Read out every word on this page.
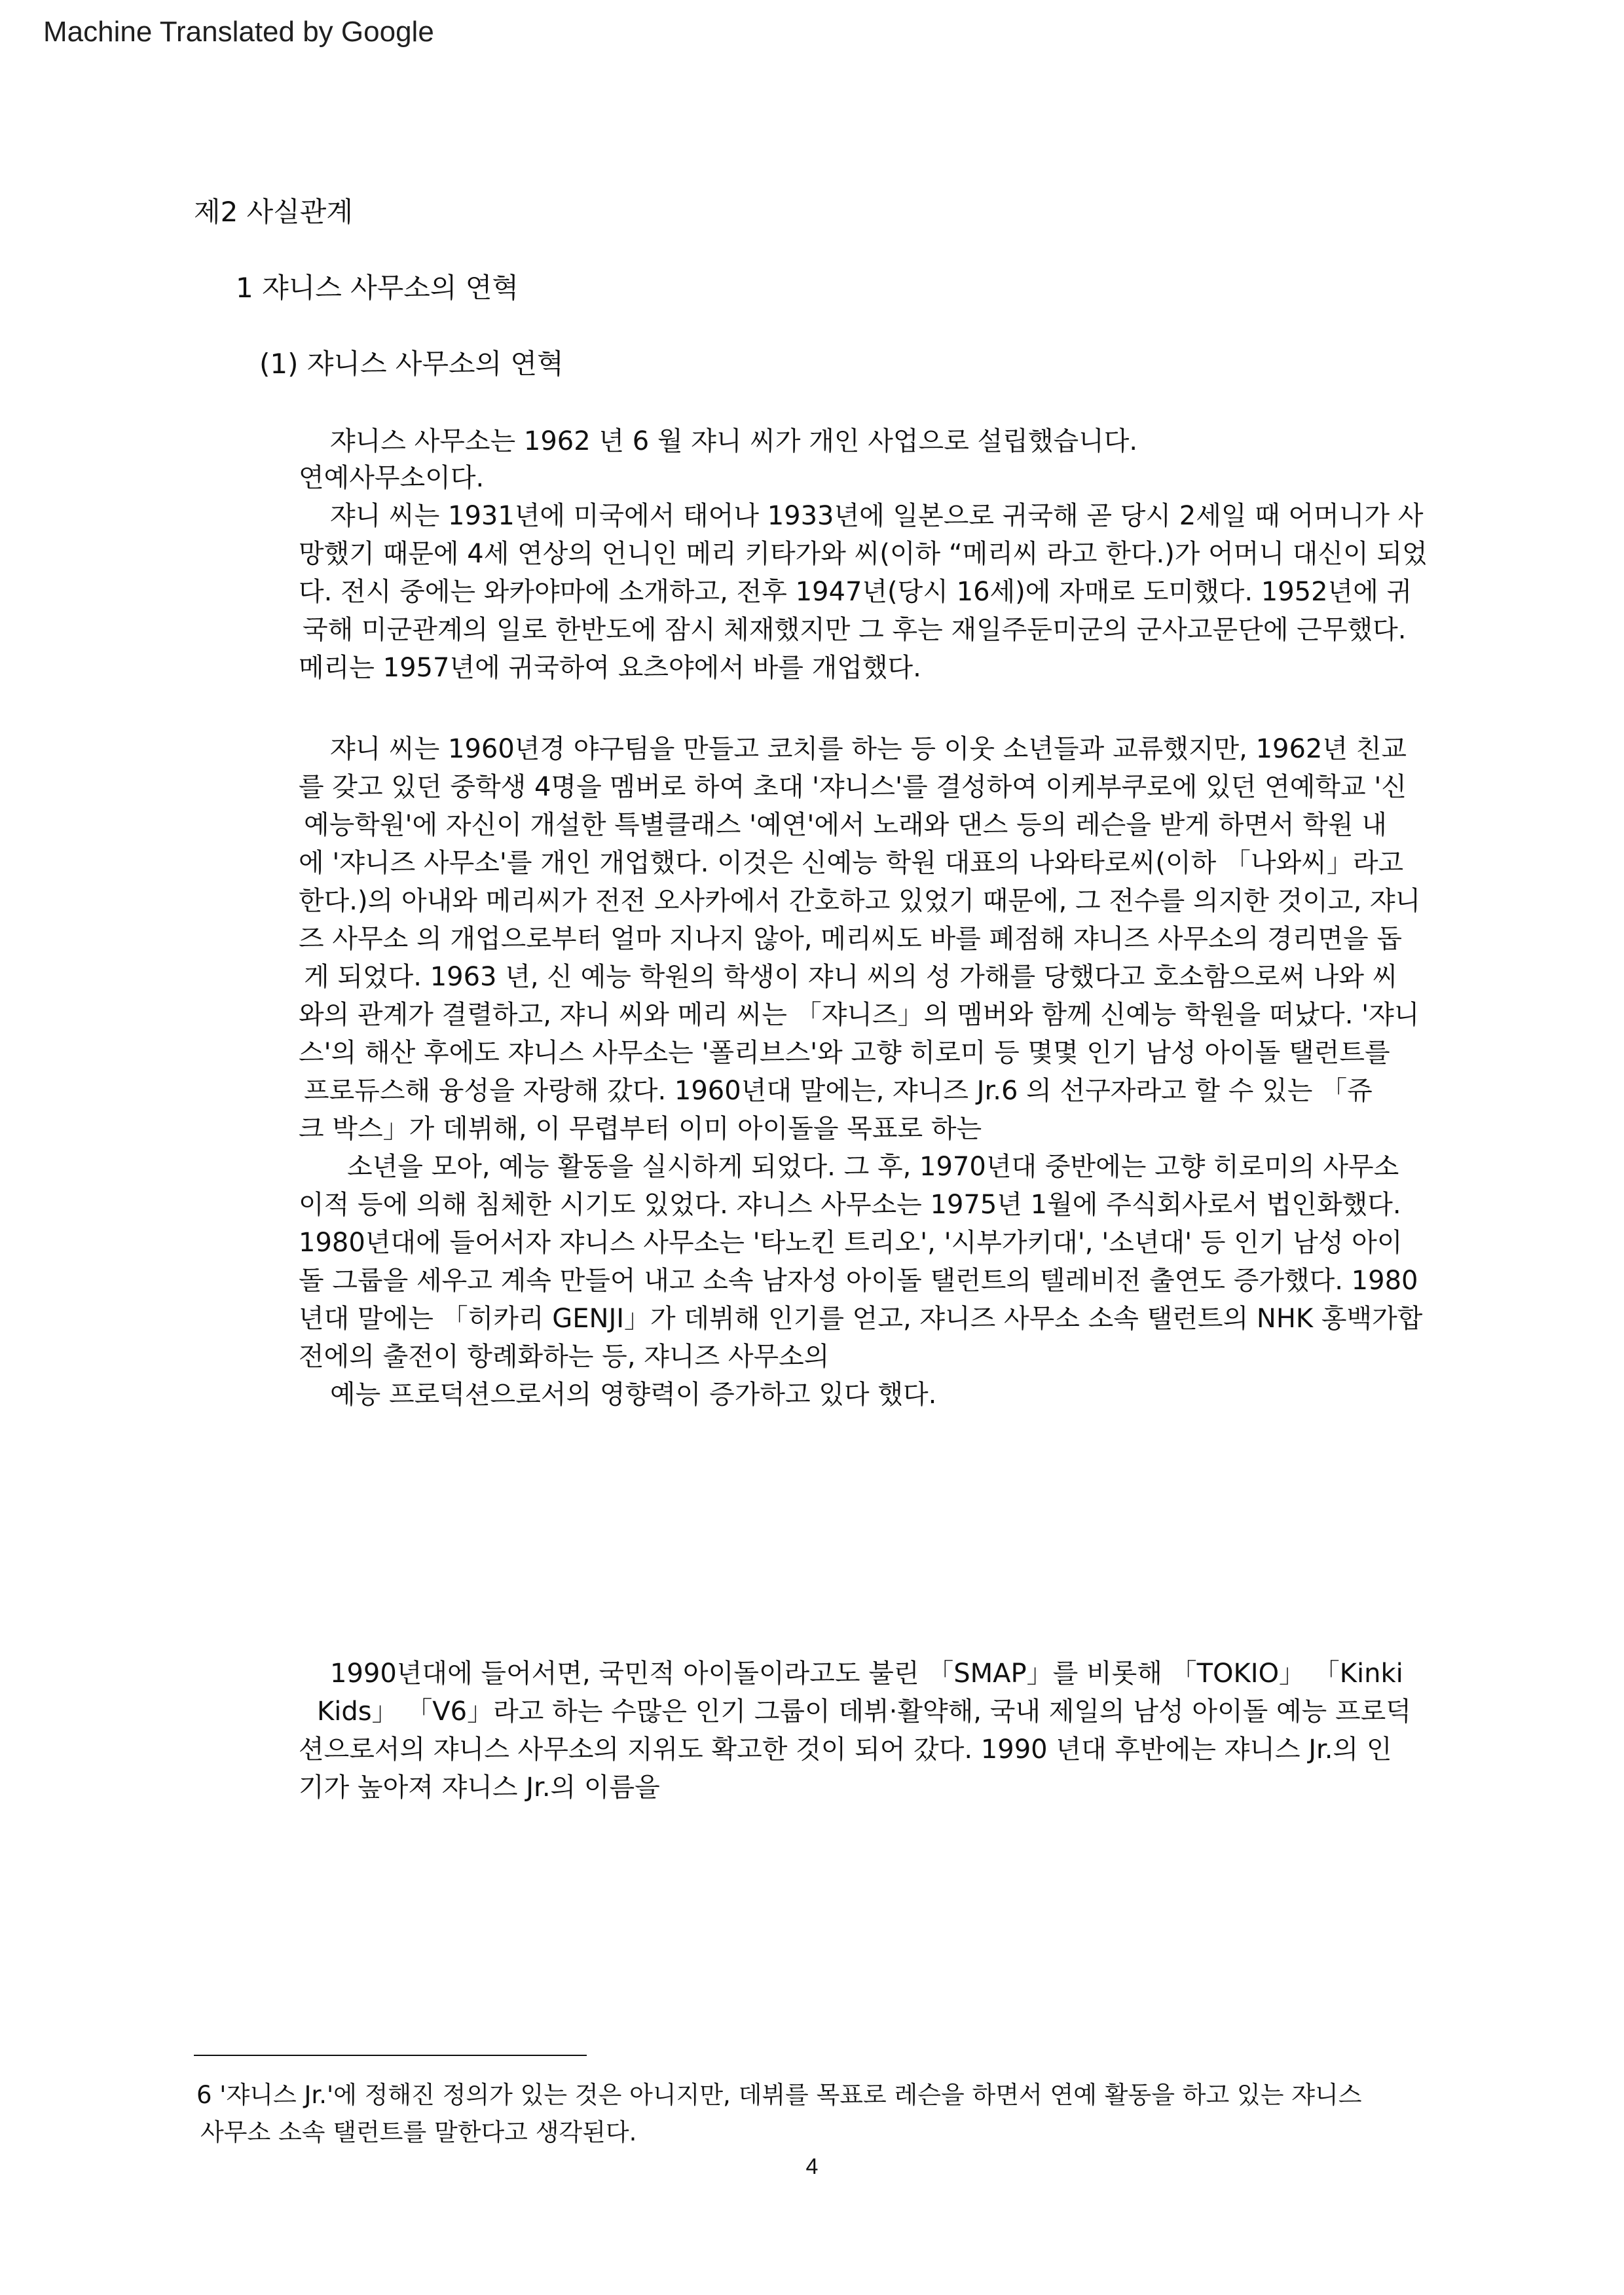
Machine Translated by Google
제2 사실관계
1 쟈니스 사무소의 연혁
(1) 쟈니스 사무소의 연혁

쟈니스 사무소는 1962 년 6 월 쟈니 씨가 개인 사업으로 설립했습니다.

연예사무소이다.

쟈니 씨는 1931년에 미국에서 태어나 1933년에 일본으로 귀국해 곧 당시 2세일 때 어머니가 사

망했기 때문에 4세 연상의 언니인 메리 키타가와 씨(이하 “메리씨 라고 한다.)가 어머니 대신이 되었

다. 전시 중에는 와카야마에 소개하고, 전후 1947년(당시 16세)에 자매로 도미했다. 1952년에 귀

국해 미군관계의 일로 한반도에 잠시 체재했지만 그 후는 재일주둔미군의 군사고문단에 근무했다.

메리는 1957년에 귀국하여 요츠야에서 바를 개업했다.

쟈니 씨는 1960년경 야구팀을 만들고 코치를 하는 등 이웃 소년들과 교류했지만, 1962년 친교

를 갖고 있던 중학생 4명을 멤버로 하여 초대 '쟈니스'를 결성하여 이케부쿠로에 있던 연예학교 '신

예능학원'에 자신이 개설한 특별클래스 '예연'에서 노래와 댄스 등의 레슨을 받게 하면서 학원 내

에 '쟈니즈 사무소'를 개인 개업했다. 이것은 신예능 학원 대표의 나와타로씨(이하 「나와씨」라고

한다.)의 아내와 메리씨가 전전 오사카에서 간호하고 있었기 때문에, 그 전수를 의지한 것이고, 쟈니

즈 사무소 의 개업으로부터 얼마 지나지 않아, 메리씨도 바를 폐점해 쟈니즈 사무소의 경리면을 돕

게 되었다. 1963 년, 신 예능 학원의 학생이 쟈니 씨의 성 가해를 당했다고 호소함으로써 나와 씨

와의 관계가 결렬하고, 쟈니 씨와 메리 씨는 「쟈니즈」의 멤버와 함께 신예능 학원을 떠났다. '쟈니

스'의 해산 후에도 쟈니스 사무소는 '폴리브스'와 고향 히로미 등 몇몇 인기 남성 아이돌 탤런트를

프로듀스해 융성을 자랑해 갔다. 1960년대 말에는, 쟈니즈 Jr.6 의 선구자라고 할 수 있는 「쥬

크 박스」가 데뷔해, 이 무렵부터 이미 아이돌을 목표로 하는

소년을 모아, 예능 활동을 실시하게 되었다. 그 후, 1970년대 중반에는 고향 히로미의 사무소

이적 등에 의해 침체한 시기도 있었다. 쟈니스 사무소는 1975년 1월에 주식회사로서 법인화했다.

1980년대에 들어서자 쟈니스 사무소는 '타노킨 트리오', '시부가키대', '소년대' 등 인기 남성 아이

돌 그룹을 세우고 계속 만들어 내고 소속 남자성 아이돌 탤런트의 텔레비전 출연도 증가했다. 1980

년대 말에는 「히카리 GENJI」가 데뷔해 인기를 얻고, 쟈니즈 사무소 소속 탤런트의 NHK 홍백가합

전에의 출전이 항례화하는 등, 쟈니즈 사무소의

예능 프로덕션으로서의 영향력이 증가하고 있다 했다.

1990년대에 들어서면, 국민적 아이돌이라고도 불린 「SMAP」를 비롯해 「TOKIO」 「Kinki

Kids」 「V6」라고 하는 수많은 인기 그룹이 데뷔·활약해, 국내 제일의 남성 아이돌 예능 프로덕

션으로서의 쟈니스 사무소의 지위도 확고한 것이 되어 갔다. 1990 년대 후반에는 쟈니스 Jr.의 인

기가 높아져 쟈니스 Jr.의 이름을

6 '쟈니스 Jr.'에 정해진 정의가 있는 것은 아니지만, 데뷔를 목표로 레슨을 하면서 연예 활동을 하고 있는 쟈니스
사무소 소속 탤런트를 말한다고 생각된다.
4
